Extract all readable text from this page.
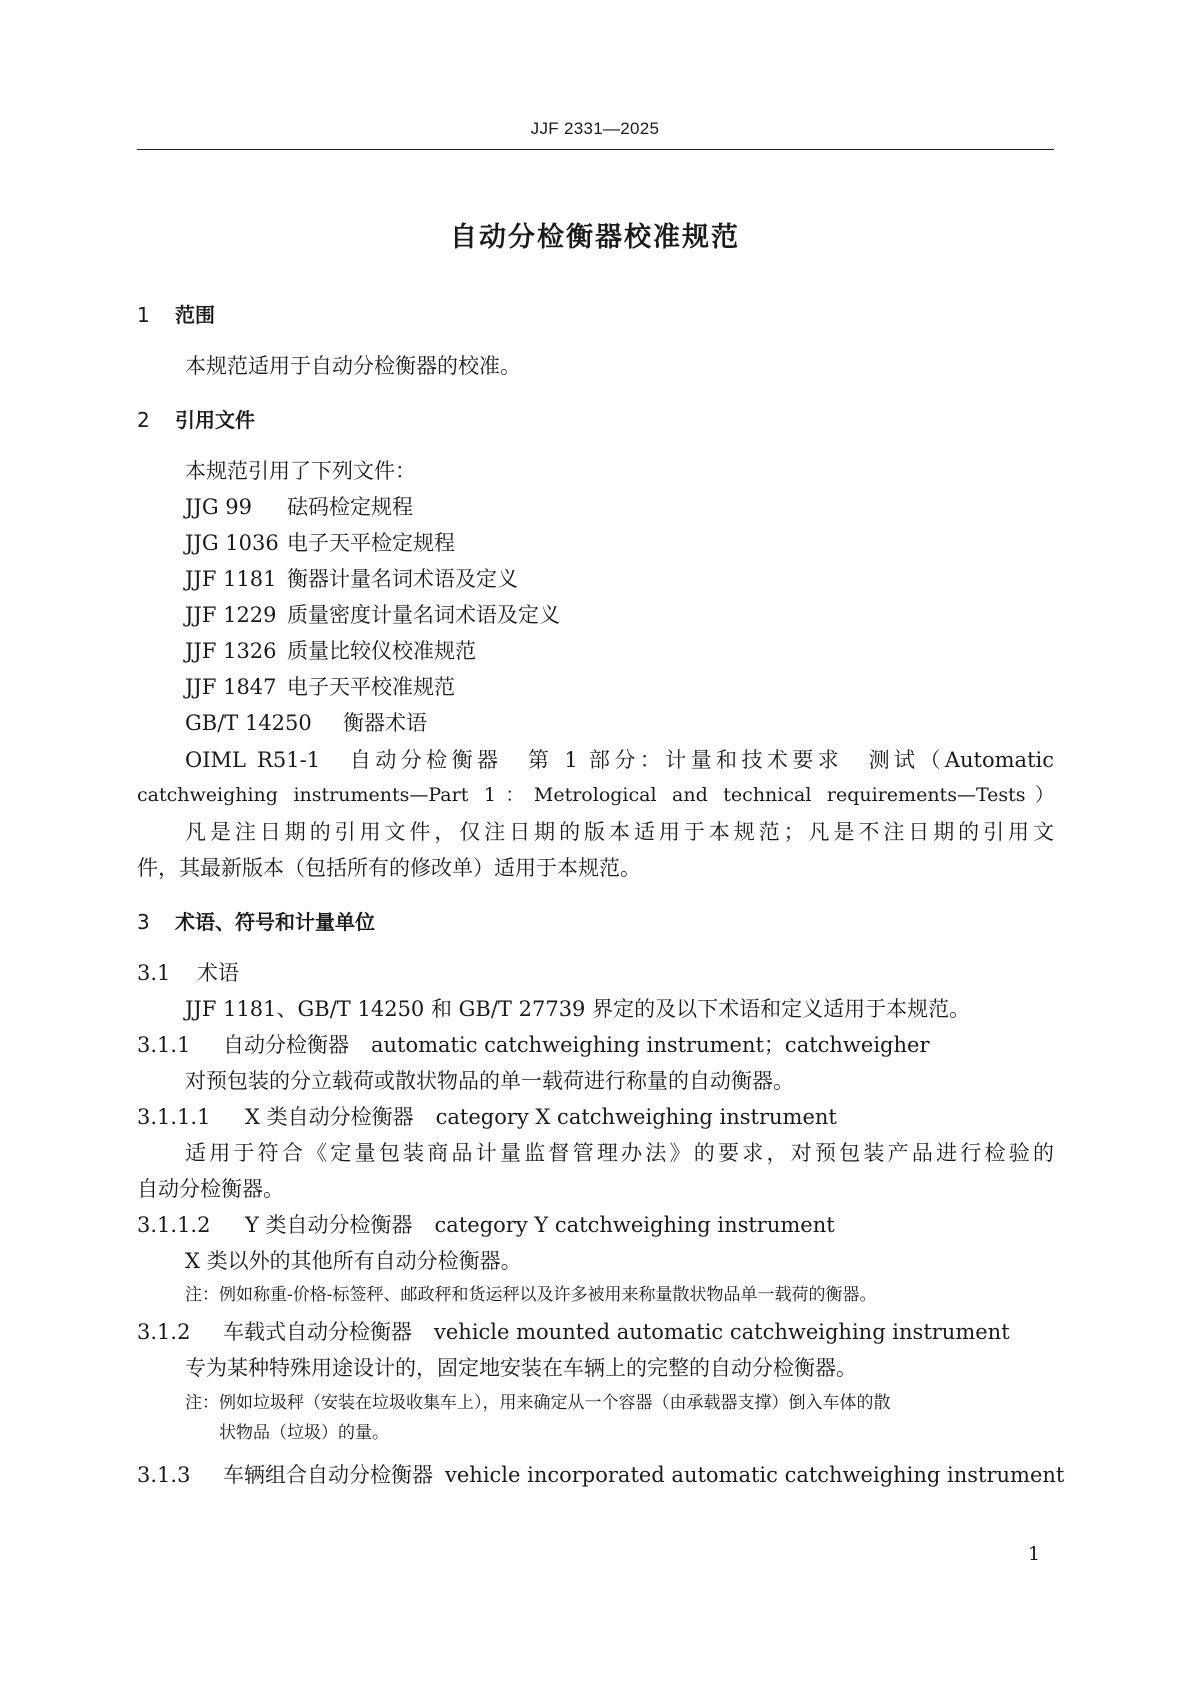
JJF 2331—2025
自动分检衡器校准规范
1 范围
本规范适用于自动分检衡器的校准。
2 引用文件
本规范引用了下列文件：
JJG 99 砝码检定规程
JJG 1036 电子天平检定规程
JJF 1181 衡器计量名词术语及定义
JJF 1229 质量密度计量名词术语及定义
JJF 1326 质量比较仪校准规范
JJF 1847 电子天平校准规范
GB/T 14250 衡器术语
OIML R51-1　自动分检衡器　第 1 部分：计量和技术要求　测试（Automatic
catchweighing instruments—Part 1：Metrological and technical requirements—Tests）
凡是注日期的引用文件，仅注日期的版本适用于本规范；凡是不注日期的引用文
件，其最新版本（包括所有的修改单）适用于本规范。
3 术语、符号和计量单位
3.1 术语
JJF 1181、GB/T 14250 和 GB/T 27739 界定的及以下术语和定义适用于本规范。
3.1.1 自动分检衡器 automatic catchweighing instrument；catchweigher
对预包装的分立载荷或散状物品的单一载荷进行称量的自动衡器。
3.1.1.1 X 类自动分检衡器 category X catchweighing instrument
适用于符合《定量包装商品计量监督管理办法》的要求，对预包装产品进行检验的
自动分检衡器。
3.1.1.2 Y 类自动分检衡器 category Y catchweighing instrument
X 类以外的其他所有自动分检衡器。
注：例如称重-价格-标签秤、邮政秤和货运秤以及许多被用来称量散状物品单一载荷的衡器。
3.1.2 车载式自动分检衡器 vehicle mounted automatic catchweighing instrument
专为某种特殊用途设计的，固定地安装在车辆上的完整的自动分检衡器。
注：例如垃圾秤（安装在垃圾收集车上），用来确定从一个容器（由承载器支撑）倒入车体的散
状物品（垃圾）的量。
3.1.3 车辆组合自动分检衡器 vehicle incorporated automatic catchweighing instrument
1
